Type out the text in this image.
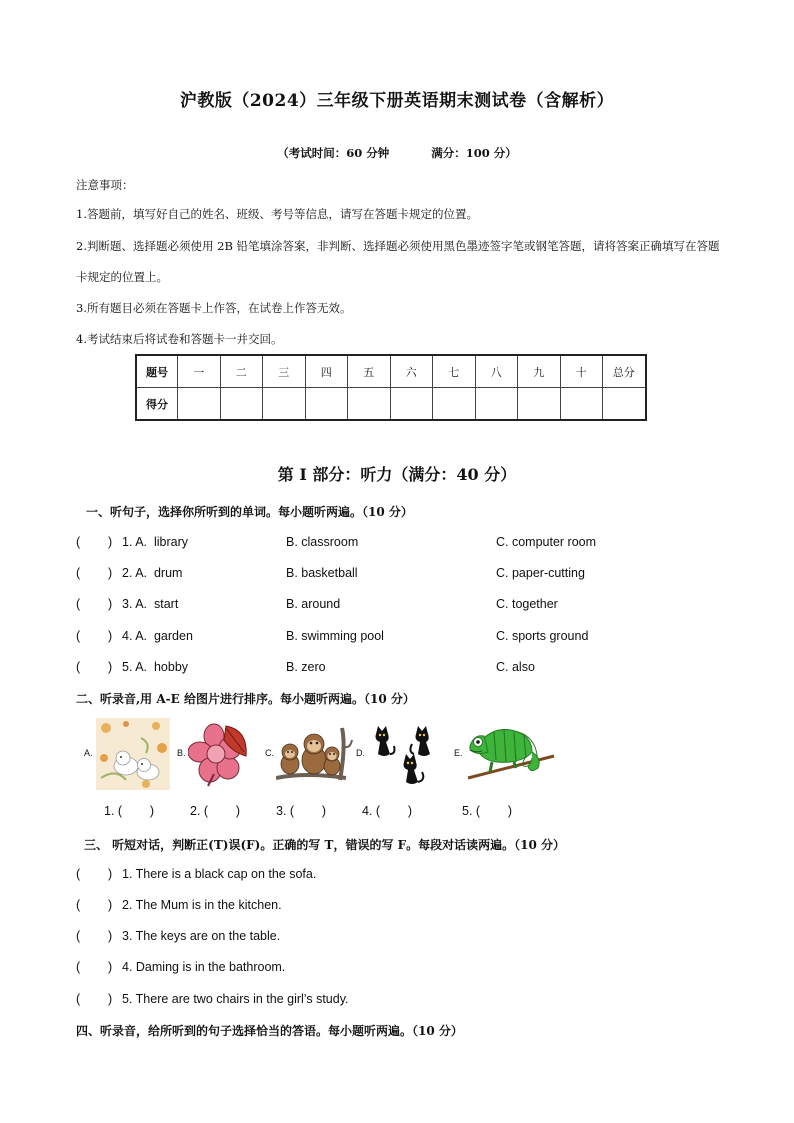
沪教版（2024）三年级下册英语期末测试卷（含解析）
（考试时间：60 分钟	满分：100 分）
注意事项：
1.答题前，填写好自己的姓名、班级、考号等信息，请写在答题卡规定的位置。
2.判断题、选择题必须使用 2B 铅笔填涂答案，非判断、选择题必须使用黑色墨迹签字笔或钢笔答题，请将答案正确填写在答题卡规定的位置上。
3.所有题目必须在答题卡上作答，在试卷上作答无效。
4.考试结束后将试卷和答题卡一并交回。
题号	一	二	三	四	五	六	七	八	九	十	总分
得分											
第 I 部分：听力（满分：40 分）
一、听句子，选择你所听到的单词。每小题听两遍。（10 分）
(        ) 1. A. library	B. classroom	C. computer room
(        ) 2. A. drum	B. basketball	C. paper-cutting
(        ) 3. A. start	B. around	C. together
(        ) 4. A. garden	B. swimming pool	C. sports ground
(        ) 5. A. hobby	B. zero	C. also
二、听录音,用 A-E 给图片进行排序。每小题听两遍。（10 分）
A.	B.	C.	D.	E.
1. (        )	2. (        )	3. (        )	4. (        )	5. (        )
三、 听短对话，判断正(T)误(F)。正确的写 T，错误的写 F。每段对话读两遍。（10 分）
(        ) 1. There is a black cap on the sofa.
(        ) 2. The Mum is in the kitchen.
(        ) 3. The keys are on the table.
(        ) 4. Daming is in the bathroom.
(        ) 5. There are two chairs in the girl’s study.
四、听录音，给所听到的句子选择恰当的答语。每小题听两遍。（10 分）
